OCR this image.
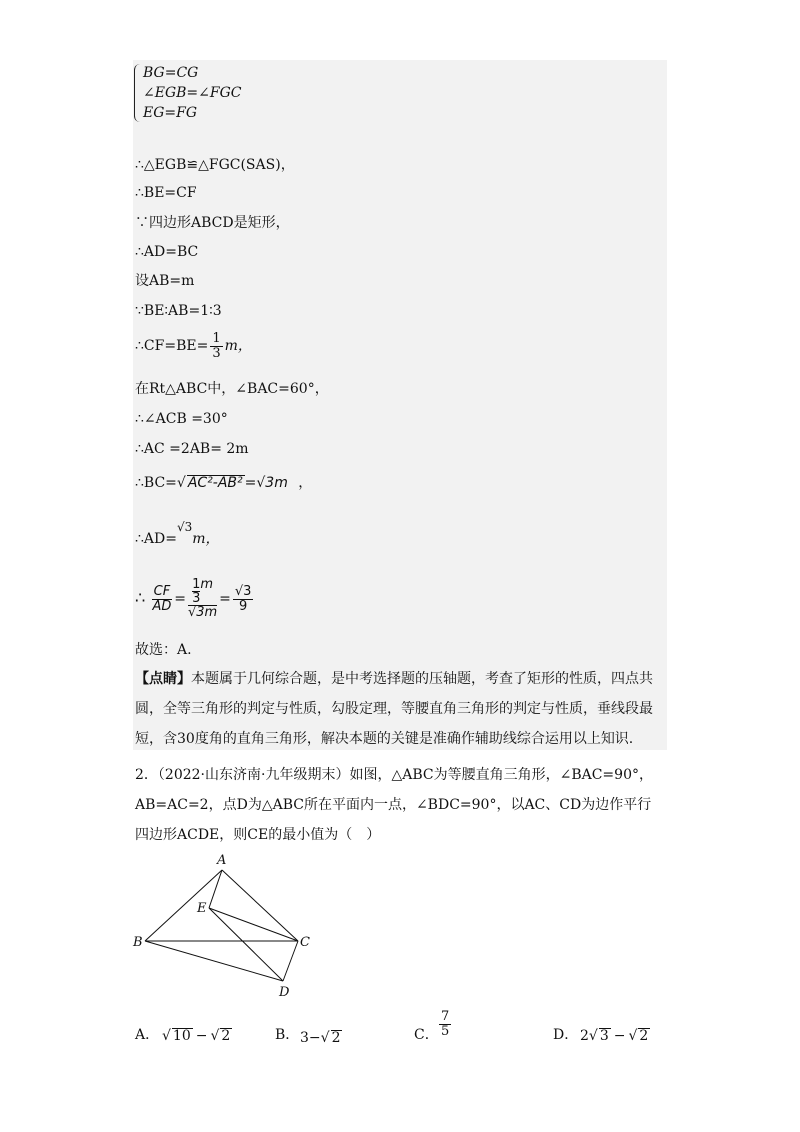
BG=CG
∠EGB=∠FGC
EG=FG
∴△EGB≌△FGC(SAS)，
∴BE=CF
∵四边形ABCD是矩形，
∴AD=BC
设AB=m
∵BE∶AB=1∶3
∴CF=BE= $\frac{1}{3}$ m，
在Rt△ABC中，∠BAC=60°，
∴∠ACB =30°
∴AC =2AB= 2m
∴BC=√ AC²-AB² =√3m ，
∴AD=√3m，
∴ $\frac{CF}{AD} = \frac{\frac{1}{3} m}{√3m} = \frac{√3}{9}$
故选：A.
【点睛】本题属于几何综合题，是中考选择题的压轴题，考查了矩形的性质，四点共圆，全等三角形的判定与性质，勾股定理，等腰直角三角形的判定与性质，垂线段最短，含30度角的直角三角形，解决本题的关键是准确作辅助线综合运用以上知识.
2．（2022·山东济南·九年级期末）如图，△ABC为等腰直角三角形，∠BAC=90°，AB=AC=2，点D为△ABC所在平面内一点，∠BDC=90°，以AC、CD为边作平行四边形ACDE，则CE的最小值为（　）
A
B	C
D
E
A． √ 10 − √ 2	B． 3−√ 2	C． $\frac{7}{5}$	D． 2√ 3 − √ 2
